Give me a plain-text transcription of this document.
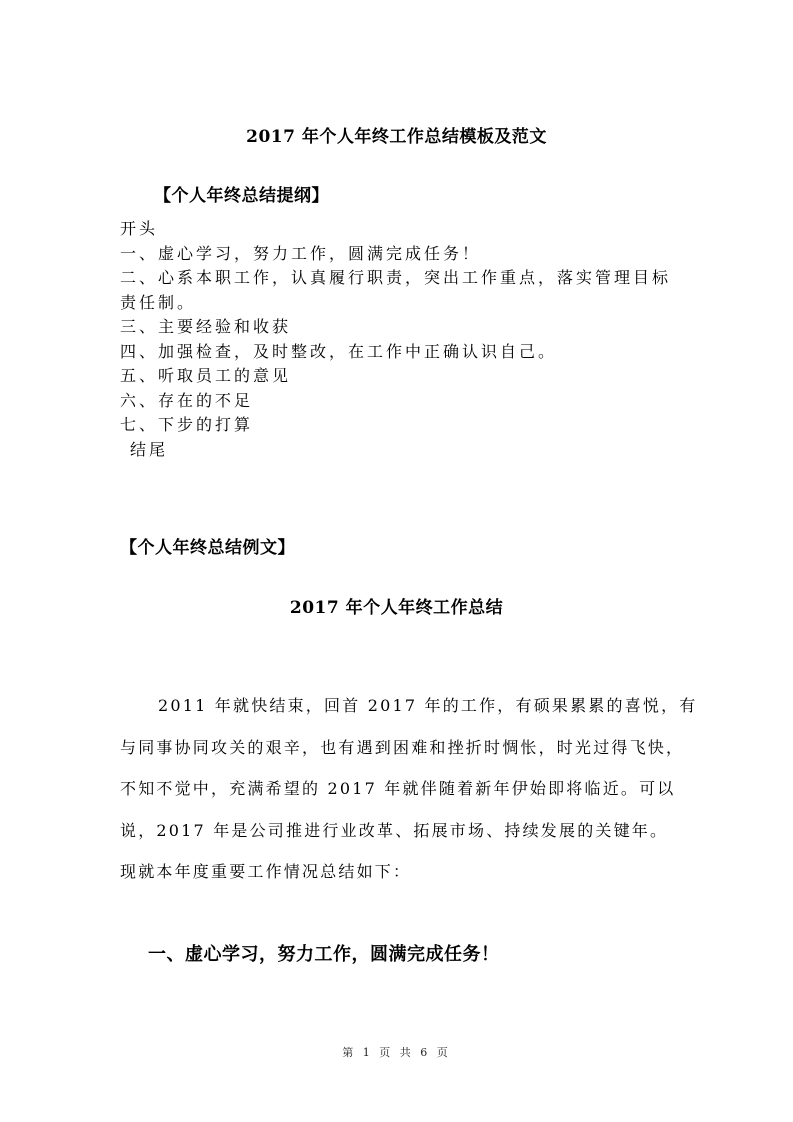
2017 年个人年终工作总结模板及范文
【个人年终总结提纲】
开头
一、虚心学习，努力工作，圆满完成任务！
二、心系本职工作，认真履行职责，突出工作重点，落实管理目标责任制。
三、主要经验和收获
四、加强检查，及时整改，在工作中正确认识自己。
五、听取员工的意见
六、存在的不足
七、下步的打算
结尾
【个人年终总结例文】
2017 年个人年终工作总结
2011 年就快结束，回首 2017 年的工作，有硕果累累的喜悦，有
与同事协同攻关的艰辛，也有遇到困难和挫折时惆怅，时光过得飞快，
不知不觉中，充满希望的 2017 年就伴随着新年伊始即将临近。可以
说，2017 年是公司推进行业改革、拓展市场、持续发展的关键年。
现就本年度重要工作情况总结如下：
一、虚心学习，努力工作，圆满完成任务！
第 1 页 共 6 页
